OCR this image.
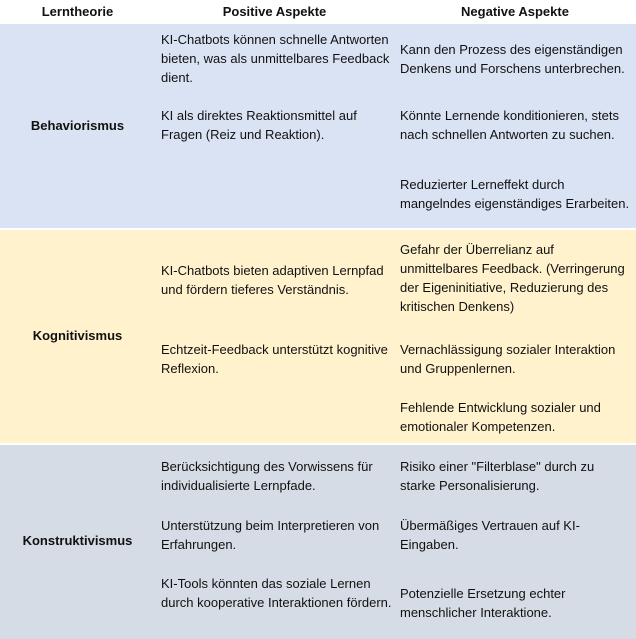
Lerntheorie	Positive Aspekte	Negative Aspekte
Behaviorismus

KI-Chatbots können schnelle Antworten bieten, was als unmittelbares Feedback dient.

KI als direktes Reaktionsmittel auf Fragen (Reiz und Reaktion).

Kann den Prozess des eigenständigen
Denkens und Forschens unterbrechen.
Könnte Lernende konditionieren, stets
nach schnellen Antworten zu suchen.
Reduzierter Lerneffekt durch
mangelndes eigenständiges Erarbeiten.
Kognitivismus

KI-Chatbots bieten adaptiven Lernpfad und fördern tieferes Verständnis.

Echtzeit-Feedback unterstützt kognitive Reflexion.

Gefahr der Überrelianz auf
unmittelbares Feedback. (Verringerung
der Eigeninitiative, Reduzierung des
kritischen Denkens)
Vernachlässigung sozialer Interaktion
und Gruppenlernen.
Fehlende Entwicklung sozialer und
emotionaler Kompetenzen.
Konstruktivismus

Berücksichtigung des Vorwissens für individualisierte Lernpfade.

Unterstützung beim Interpretieren von Erfahrungen.

KI-Tools könnten das soziale Lernen durch kooperative Interaktionen fördern.

Risiko einer "Filterblase" durch zu
starke Personalisierung.
Übermäßiges Vertrauen auf KI-
Eingaben.
Potenzielle Ersetzung echter
menschlicher Interaktione.
